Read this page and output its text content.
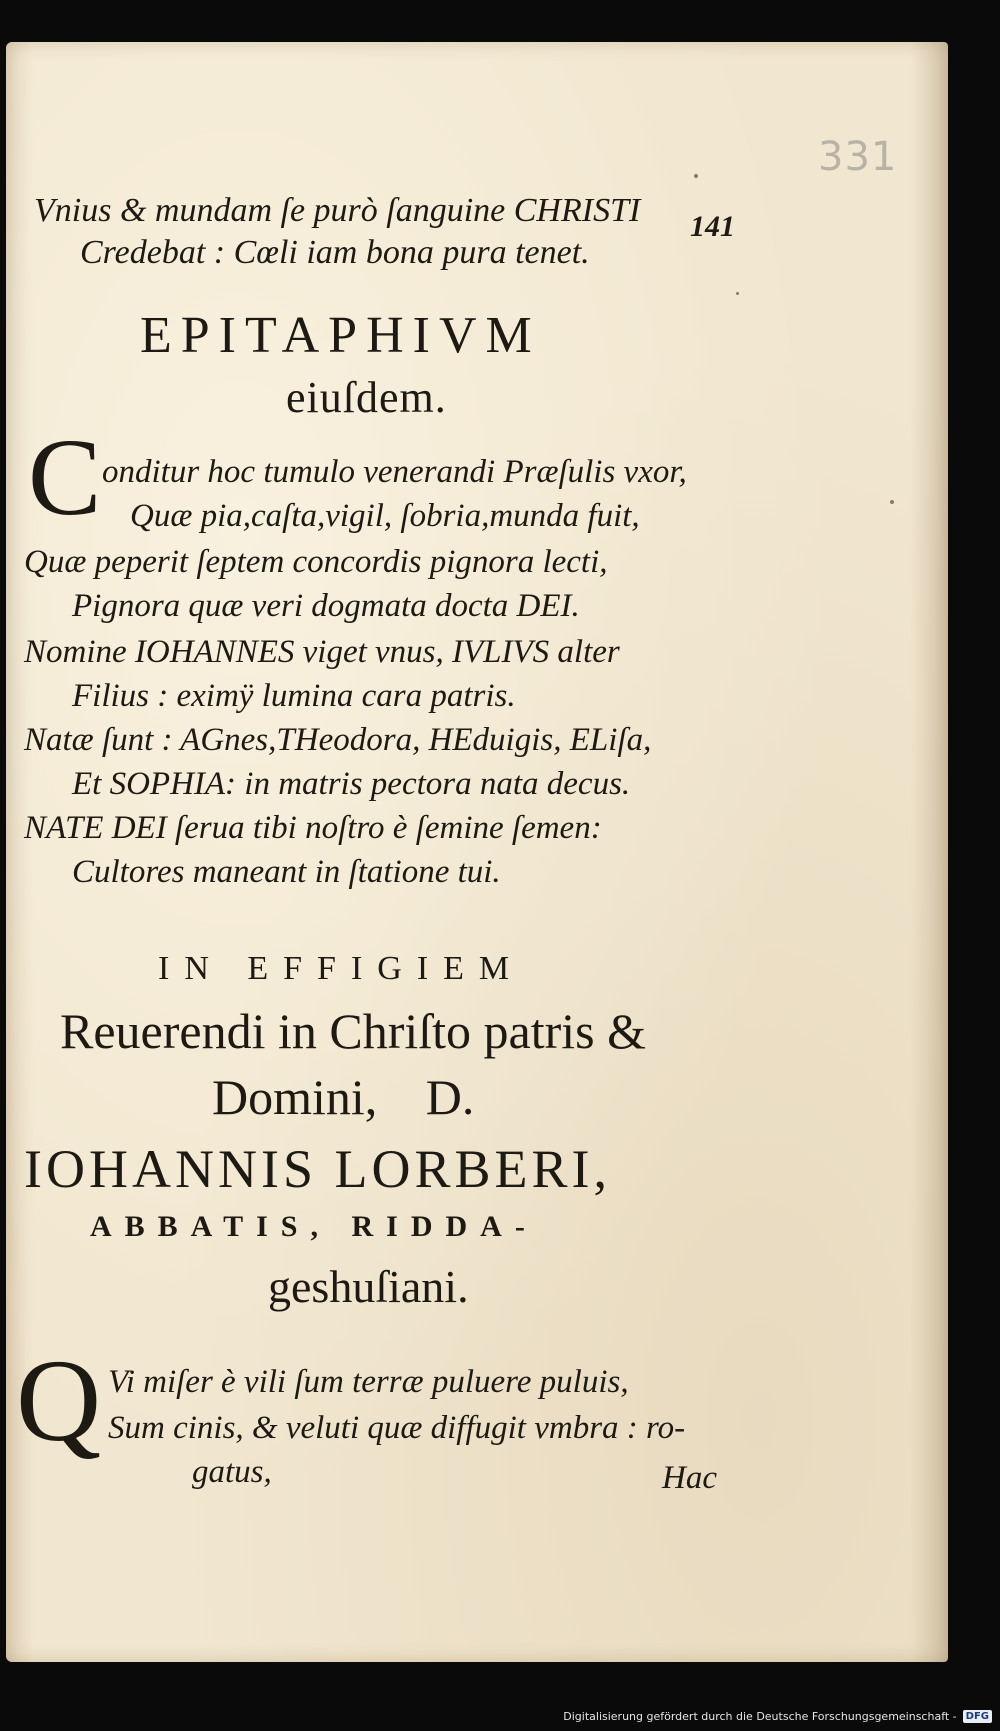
331
Vnius & mundam ſe purò ſanguine CHRISTI
Credebat : Cœli iam bona pura tenet.
141
EPITAPHIVM
eiuſdem.
C onditur hoc tumulo venerandi Præſulis vxor,
Quæ pia,caſta,vigil, ſobria,munda fuit,
Quæ peperit ſeptem concordis pignora lecti,
Pignora quæ veri dogmata docta DEI.
Nomine IOHANNES viget vnus, IVLIVS alter
Filius : eximÿ lumina cara patris.
Natæ ſunt : AGnes,THeodora, HEduigis, ELiſa,
Et SOPHIA: in matris pectora nata decus.
NATE DEI ſerua tibi noſtro è ſemine ſemen:
Cultores maneant in ſtatione tui.
IN EFFIGIEM
Reuerendi in Chriſto patris &
Domini, D.
IOHANNIS LORBERI,
ABBATIS, RIDDA-
geshuſiani.
Q Vi miſer è vili ſum terræ puluere puluis,
Sum cinis, & veluti quæ diffugit vmbra : ro-
gatus,	Hac
Digitalisierung gefördert durch die Deutsche Forschungsgemeinschaft - DFG
